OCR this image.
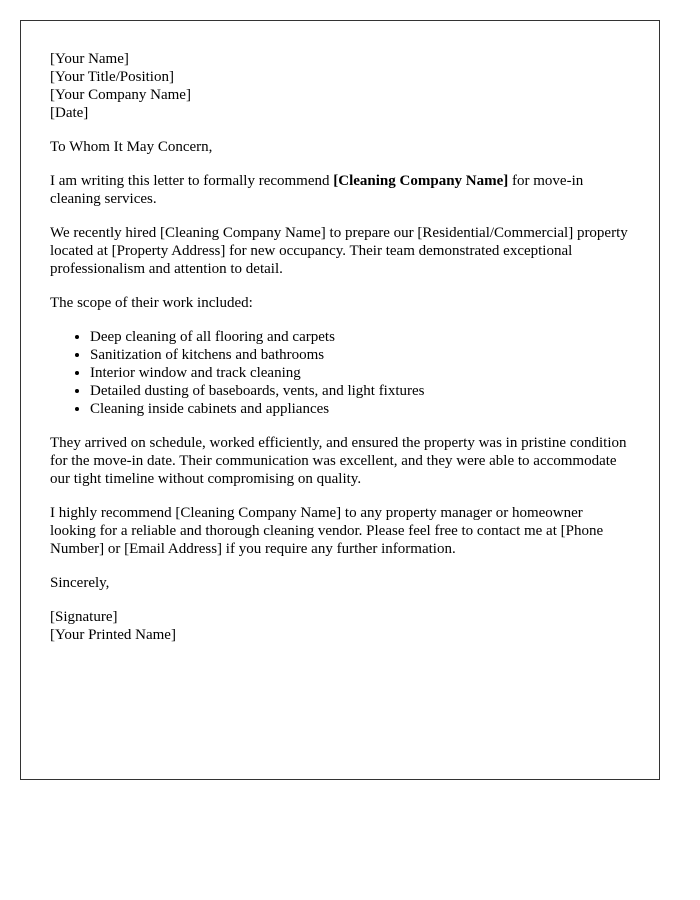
[Your Name]
[Your Title/Position]
[Your Company Name]
[Date]

To Whom It May Concern,

I am writing this letter to formally recommend [Cleaning Company Name] for move-in cleaning services.

We recently hired [Cleaning Company Name] to prepare our [Residential/Commercial] property located at [Property Address] for new occupancy. Their team demonstrated exceptional professionalism and attention to detail.

The scope of their work included:

• Deep cleaning of all flooring and carpets
• Sanitization of kitchens and bathrooms
• Interior window and track cleaning
• Detailed dusting of baseboards, vents, and light fixtures
• Cleaning inside cabinets and appliances

They arrived on schedule, worked efficiently, and ensured the property was in pristine condition for the move-in date. Their communication was excellent, and they were able to accommodate our tight timeline without compromising on quality.

I highly recommend [Cleaning Company Name] to any property manager or homeowner looking for a reliable and thorough cleaning vendor. Please feel free to contact me at [Phone Number] or [Email Address] if you require any further information.

Sincerely,

[Signature]
[Your Printed Name]
